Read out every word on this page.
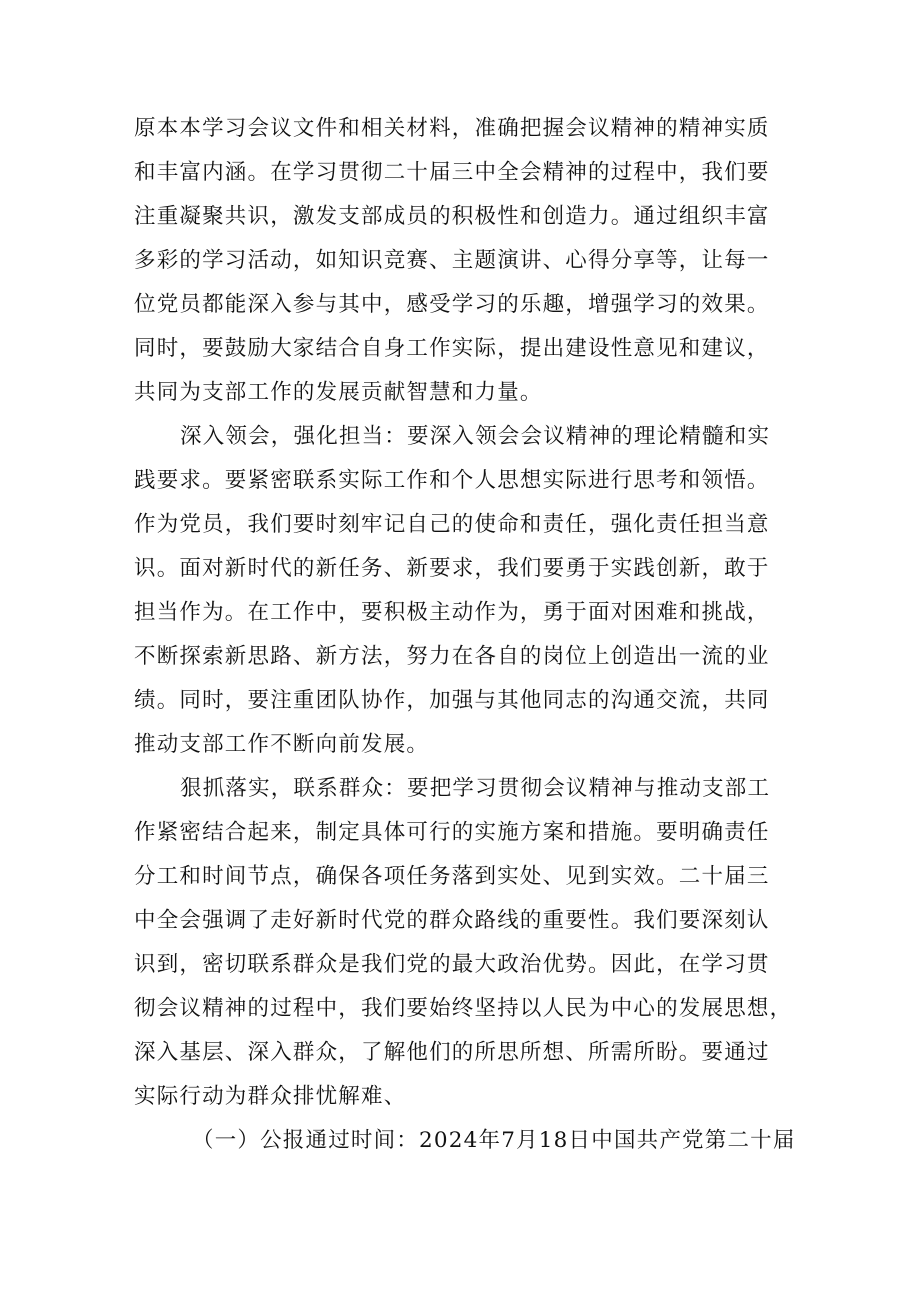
原本本学习会议文件和相关材料，准确把握会议精神的精神实质
和丰富内涵。在学习贯彻二十届三中全会精神的过程中，我们要
注重凝聚共识，激发支部成员的积极性和创造力。通过组织丰富
多彩的学习活动，如知识竞赛、主题演讲、心得分享等，让每一
位党员都能深入参与其中，感受学习的乐趣，增强学习的效果。
同时，要鼓励大家结合自身工作实际，提出建设性意见和建议，
共同为支部工作的发展贡献智慧和力量。
深入领会，强化担当：要深入领会会议精神的理论精髓和实
践要求。要紧密联系实际工作和个人思想实际进行思考和领悟。
作为党员，我们要时刻牢记自己的使命和责任，强化责任担当意
识。面对新时代的新任务、新要求，我们要勇于实践创新，敢于
担当作为。在工作中，要积极主动作为，勇于面对困难和挑战，
不断探索新思路、新方法，努力在各自的岗位上创造出一流的业
绩。同时，要注重团队协作，加强与其他同志的沟通交流，共同
推动支部工作不断向前发展。
狠抓落实，联系群众：要把学习贯彻会议精神与推动支部工
作紧密结合起来，制定具体可行的实施方案和措施。要明确责任
分工和时间节点，确保各项任务落到实处、见到实效。二十届三
中全会强调了走好新时代党的群众路线的重要性。我们要深刻认
识到，密切联系群众是我们党的最大政治优势。因此，在学习贯
彻会议精神的过程中，我们要始终坚持以人民为中心的发展思想，
深入基层、深入群众，了解他们的所思所想、所需所盼。要通过
实际行动为群众排忧解难、
（一）公报通过时间：2024年7月18日中国共产党第二十届
